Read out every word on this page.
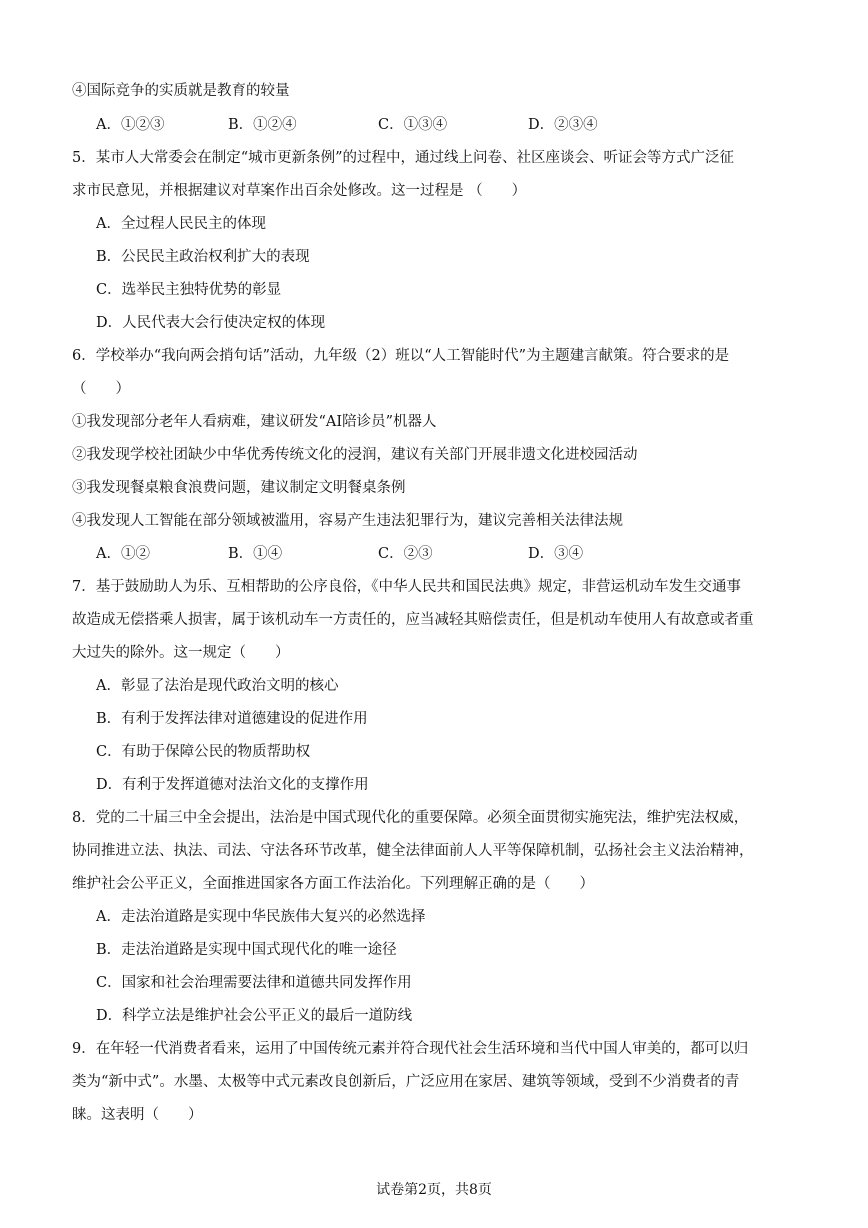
④国际竞争的实质就是教育的较量
A．①②③	B．①②④	C．①③④	D．②③④
5．某市人大常委会在制定“城市更新条例”的过程中，通过线上问卷、社区座谈会、听证会等方式广泛征
求市民意见，并根据建议对草案作出百余处修改。这一过程是 （　　）
A．全过程人民民主的体现
B．公民民主政治权利扩大的表现
C．选举民主独特优势的彰显
D．人民代表大会行使决定权的体现
6．学校举办“我向两会捎句话”活动，九年级（2）班以“人工智能时代”为主题建言献策。符合要求的是
（　　）
①我发现部分老年人看病难，建议研发“AI陪诊员”机器人
②我发现学校社团缺少中华优秀传统文化的浸润，建议有关部门开展非遗文化进校园活动
③我发现餐桌粮食浪费问题，建议制定文明餐桌条例
④我发现人工智能在部分领域被滥用，容易产生违法犯罪行为，建议完善相关法律法规
A．①②	B．①④	C．②③	D．③④
7．基于鼓励助人为乐、互相帮助的公序良俗，《中华人民共和国民法典》规定，非营运机动车发生交通事
故造成无偿搭乘人损害，属于该机动车一方责任的，应当减轻其赔偿责任，但是机动车使用人有故意或者重
大过失的除外。这一规定（　　）
A．彰显了法治是现代政治文明的核心
B．有利于发挥法律对道德建设的促进作用
C．有助于保障公民的物质帮助权
D．有利于发挥道德对法治文化的支撑作用
8．党的二十届三中全会提出，法治是中国式现代化的重要保障。必须全面贯彻实施宪法，维护宪法权威，
协同推进立法、执法、司法、守法各环节改革，健全法律面前人人平等保障机制，弘扬社会主义法治精神，
维护社会公平正义，全面推进国家各方面工作法治化。下列理解正确的是（　　）
A．走法治道路是实现中华民族伟大复兴的必然选择
B．走法治道路是实现中国式现代化的唯一途径
C．国家和社会治理需要法律和道德共同发挥作用
D．科学立法是维护社会公平正义的最后一道防线
9．在年轻一代消费者看来，运用了中国传统元素并符合现代社会生活环境和当代中国人审美的，都可以归
类为“新中式”。水墨、太极等中式元素改良创新后，广泛应用在家居、建筑等领域，受到不少消费者的青
睐。这表明（　　）
试卷第2页，共8页
